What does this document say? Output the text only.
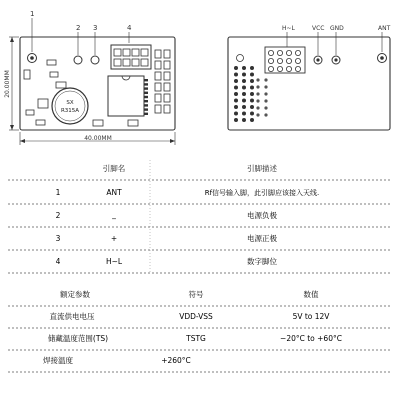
1
2 3	4
SX
R315A
20.00MM
40.00MM
H~L	VCC GND	ANT
引脚名	引脚描述
1	ANT	Rf信号输入脚，此引脚应该接入天线.
2	_	电源负极
3	+	电源正极
4	H~L	数字脚位
额定参数	符号	数值
直流供电电压	VDD-VSS	5V to 12V
储藏温度范围(TS)	TSTG	−20°C to +60°C
焊接温度	+260°C
